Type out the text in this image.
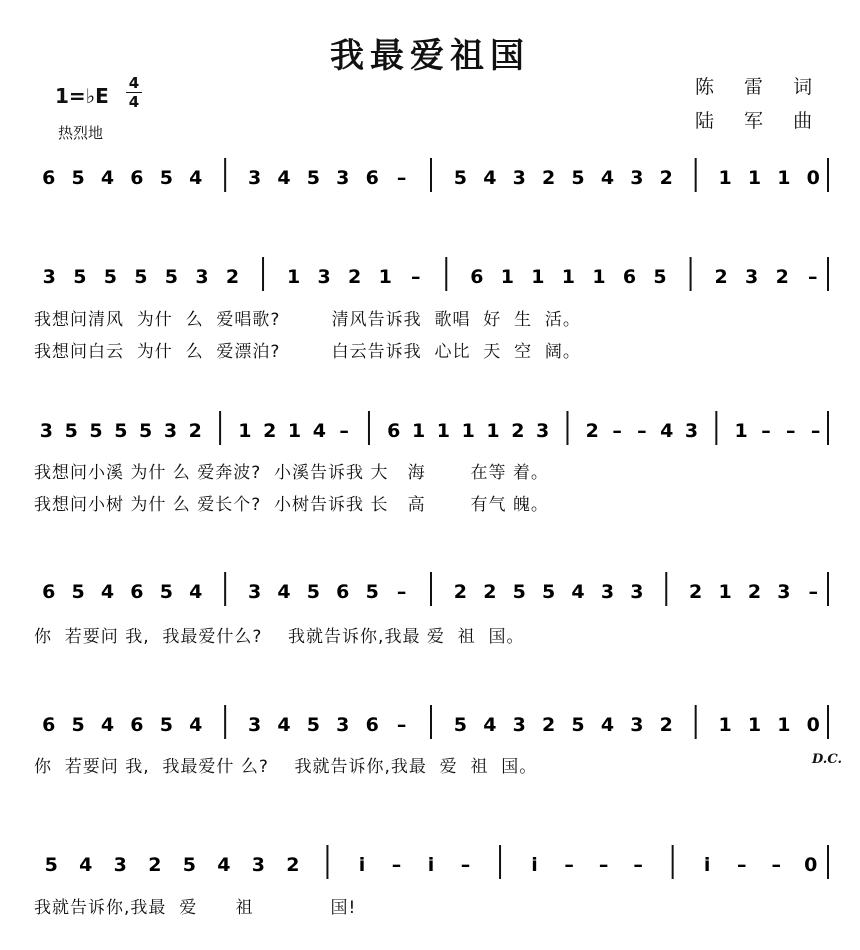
我最爱祖国
1=♭E
4
4
热烈地
陈 雷 词
陆 军 曲
6 5 4 6 5 4 3 4 5 3 6 – 5 4 3 2 5 4 3 2 1 1 1 0
3 5 5 5 5 3 2	1 3 2 1 –	6 1 1 1 1 6 5	2 3 2 –
3 5 5 5 5 3 2 1 2 1 4 – 6 1 1 1 1 2 3 2 – – 4 3 1 – – –
6 5 4 6 5 4 3 4 5 6 5 – 2 2 5 5 4 3 3 2 1 2 3 –
6 5 4 6 5 4 3 4 5 3 6 – 5 4 3 2 5 4 3 2 1 1 1 0
5 4 3 2 5 4 3 2	i – i –	i – – –	i – – 0
我想问清风  为什  么  爱唱歌?        清风告诉我  歌唱  好  生  活。
我想问白云  为什  么  爱漂泊?        白云告诉我  心比  天  空  阔。
我想问小溪 为什 么 爱奔波?  小溪告诉我 大   海       在等 着。
我想问小树 为什 么 爱长个?  小树告诉我 长   高       有气 魄。
你  若要问 我,  我最爱什么?    我就告诉你,我最 爱  祖  国。
你  若要问 我,  我最爱什 么?    我就告诉你,我最  爱  祖  国。
我就告诉你,我最  爱      祖            国!
D.C.
